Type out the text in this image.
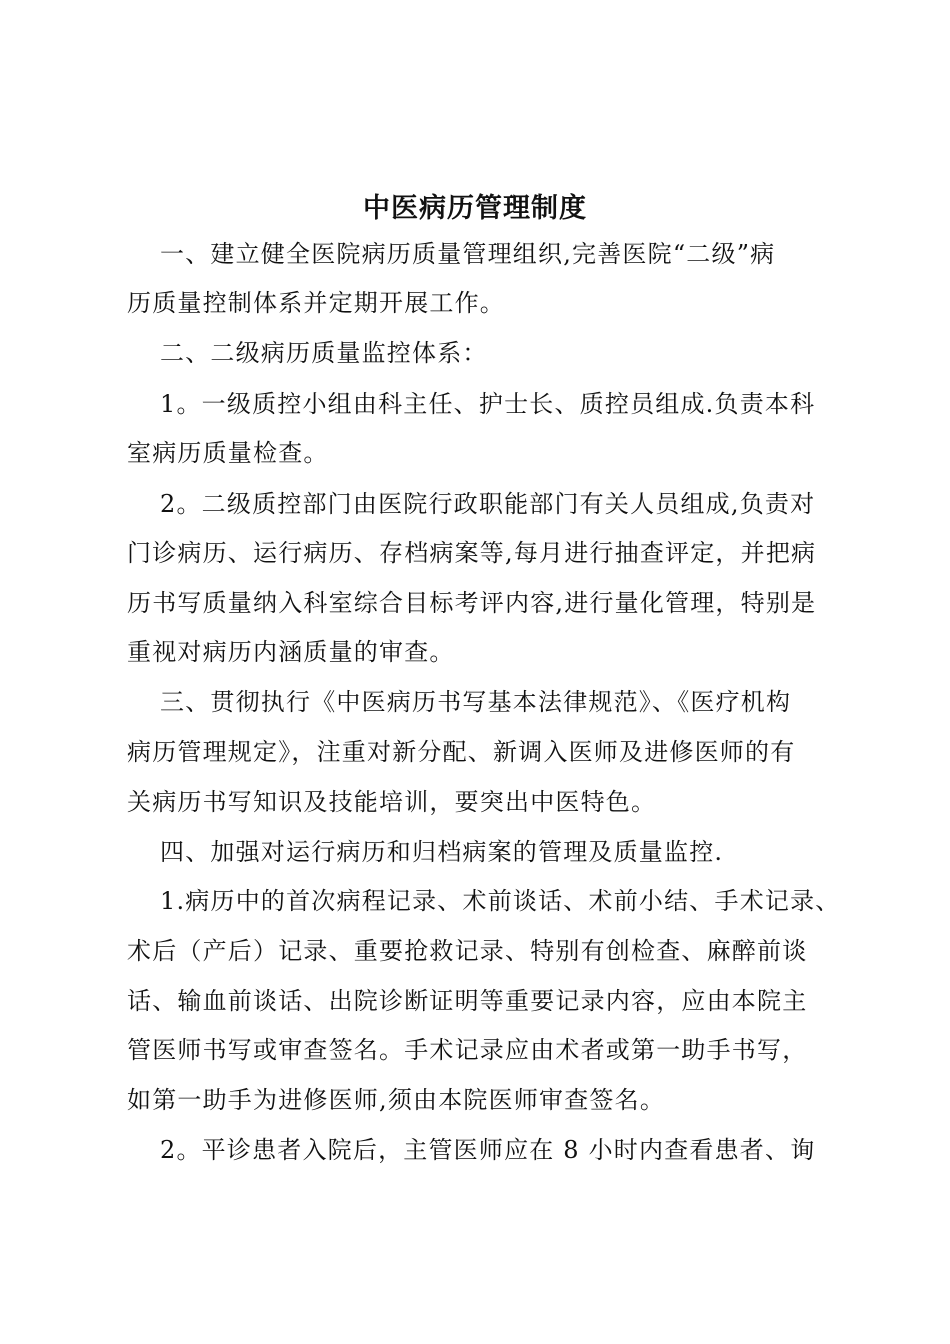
中医病历管理制度
一、建立健全医院病历质量管理组织,完善医院“二级”病
历质量控制体系并定期开展工作。
二、二级病历质量监控体系：
1。一级质控小组由科主任、护士长、质控员组成.负责本科
室病历质量检查。
2。二级质控部门由医院行政职能部门有关人员组成,负责对
门诊病历、运行病历、存档病案等,每月进行抽查评定，并把病
历书写质量纳入科室综合目标考评内容,进行量化管理，特别是
重视对病历内涵质量的审查。
三、贯彻执行《中医病历书写基本法律规范》、《医疗机构
病历管理规定》，注重对新分配、新调入医师及进修医师的有
关病历书写知识及技能培训，要突出中医特色。
四、加强对运行病历和归档病案的管理及质量监控.
1.病历中的首次病程记录、术前谈话、术前小结、手术记录、
术后（产后）记录、重要抢救记录、特别有创检查、麻醉前谈
话、输血前谈话、出院诊断证明等重要记录内容，应由本院主
管医师书写或审查签名。手术记录应由术者或第一助手书写，
如第一助手为进修医师,须由本院医师审查签名。
2。平诊患者入院后，主管医师应在 8 小时内查看患者、询
